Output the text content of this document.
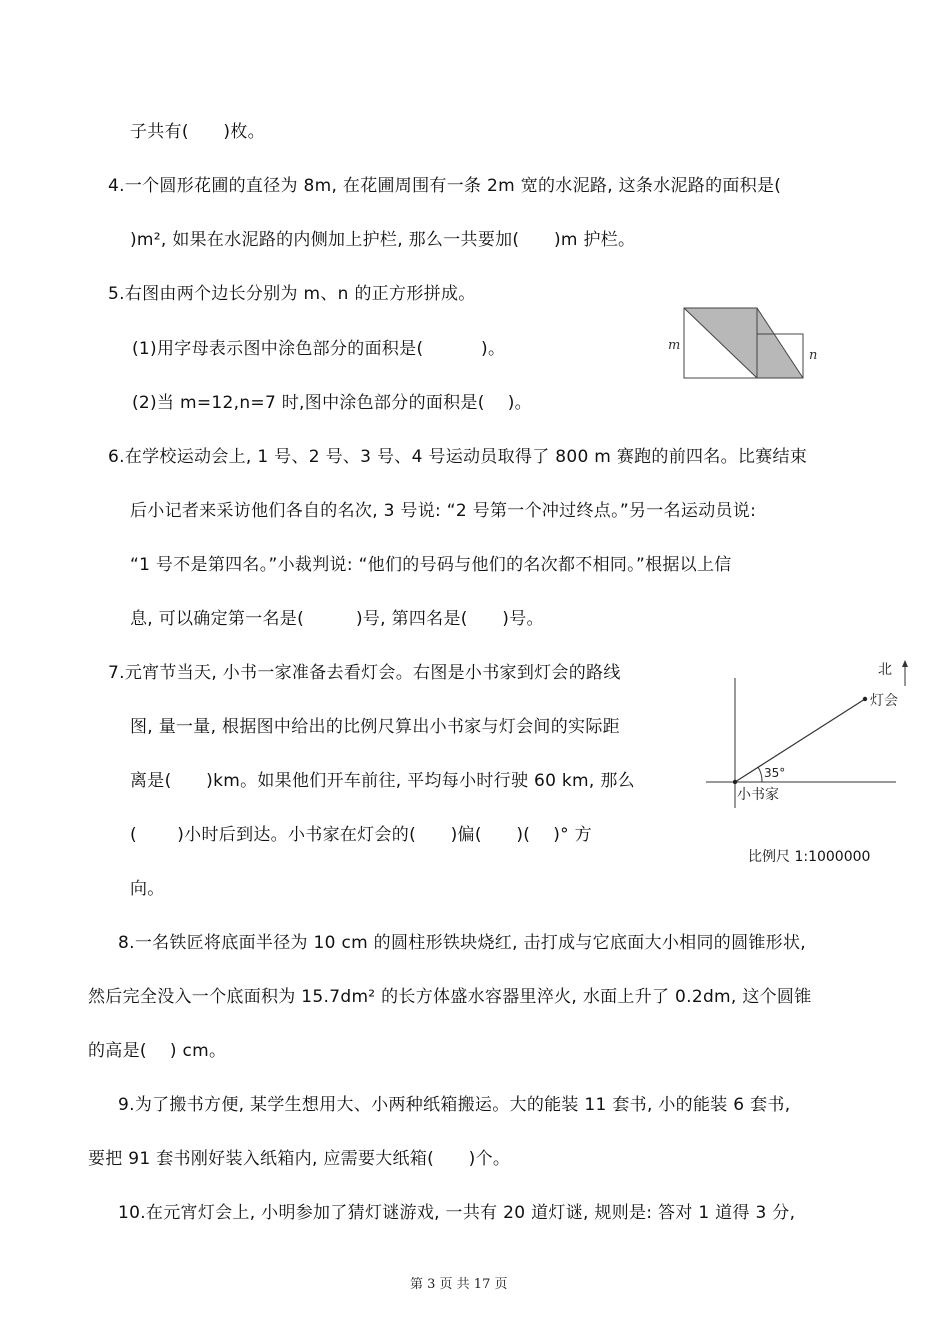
子共有(　　)枚。
4.一个圆形花圃的直径为 8m, 在花圃周围有一条 2m 宽的水泥路, 这条水泥路的面积是(
)m², 如果在水泥路的内侧加上护栏, 那么一共要加(　　)m 护栏。
5.右图由两个边长分别为 m、n 的正方形拼成。
(1)用字母表示图中涂色部分的面积是(　　　 )。
(2)当 m=12,n=7 时,图中涂色部分的面积是(　 )。
m
n
6.在学校运动会上, 1 号、2 号、3 号、4 号运动员取得了 800 m 赛跑的前四名。比赛结束
后小记者来采访他们各自的名次, 3 号说: “2 号第一个冲过终点。”另一名运动员说:
“1 号不是第四名。”小裁判说: “他们的号码与他们的名次都不相同。”根据以上信
息, 可以确定第一名是(　　　)号, 第四名是(　　)号。
7.元宵节当天, 小书一家准备去看灯会。右图是小书家到灯会的路线
图, 量一量, 根据图中给出的比例尺算出小书家与灯会间的实际距
离是(　　)km。如果他们开车前往, 平均每小时行驶 60 km, 那么
(　　 )小时后到达。小书家在灯会的(　　)偏(　　)(　 )° 方
向。
35°
灯会
小书家
北
比例尺 1:1000000
8.一名铁匠将底面半径为 10 cm 的圆柱形铁块烧红, 击打成与它底面大小相同的圆锥形状,
然后完全没入一个底面积为 15.7dm² 的长方体盛水容器里淬火, 水面上升了 0.2dm, 这个圆锥
的高是(　 ) cm。
9.为了搬书方便, 某学生想用大、小两种纸箱搬运。大的能装 11 套书, 小的能装 6 套书,
要把 91 套书刚好装入纸箱内, 应需要大纸箱(　　)个。
10.在元宵灯会上, 小明参加了猜灯谜游戏, 一共有 20 道灯谜, 规则是: 答对 1 道得 3 分,
第 3 页 共 17 页
